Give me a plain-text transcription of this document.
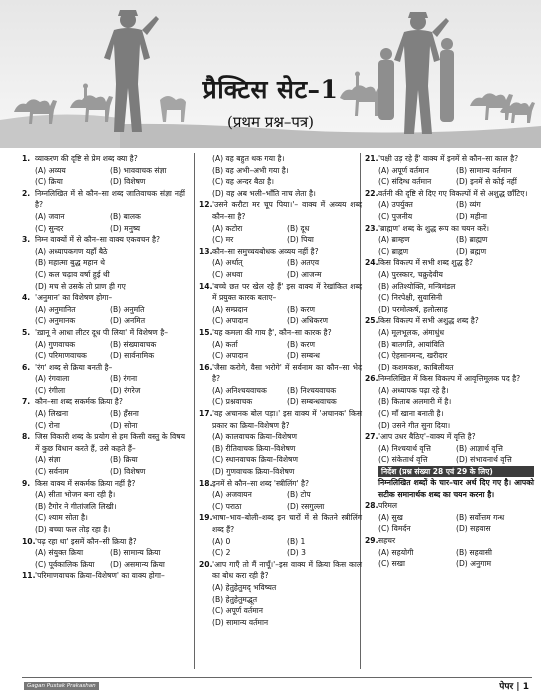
प्रैक्टिस सेट–1
(प्रथम प्रश्न–पत्र)
1. व्याकरण की दृष्टि से प्रेम शब्द क्या है?
(A) अव्यय	(B) भाववाचक संज्ञा
(C) क्रिया	(D) विशेषण
2. निम्नलिखित में से कौन–सा शब्द जातिवाचक संज्ञा नहीं है?
(A) जवान	(B) बालक
(C) सुन्दर	(D) मनुष्य
3. निम्न वाक्यों में से कौन–सा वाक्य एकवचन है?
(A) अध्यापकगण यहाँ बैठे
(B) महात्मा बुद्ध महान थे
(C) कल चढ़ाव वर्षा हुई थी
(D) मच से उसके तो प्राण ही गए
4. 'अनुमान' का विशेषण होगा–
(A) अनुमानित	(B) अनुमति
(C) अनुमानक	(D) अनमित
5. 'ख़ानू ने आधा लीटर दूध पी लिया' में विशेषण है–
(A) गुणवाचक	(B) संख्यावाचक
(C) परिमाणवाचक	(D) सार्वनामिक
6. 'रंग' शब्द से क्रिया बनती है–
(A) रंगवाला	(B) रंगना
(C) रंगीला	(D) रंगरेज
7. कौन–सा शब्द सकर्मक क्रिया है?
(A) लिखना	(B) हँसना
(C) रोना	(D) सोना
8. जिस विकारी शब्द के प्रयोग से हम किसी वस्तु के विषय में कुछ विधान करते हैं, उसे कहते हैं–
(A) संज्ञा	(B) क्रिया
(C) सर्वनाम	(D) विशेषण
9. किस वाक्य में सकर्मक क्रिया नहीं है?
(A) सीता भोजन बना रही है।
(B) टैगोर ने गीतांजलि लिखी।
(C) श्याम सोता है।
(D) बच्चा फल तोड़ रहा है।
10. 'पढ़ रहा था' इसमें कौन–सी क्रिया है?
(A) संयुक्त क्रिया	(B) सामान्य क्रिया
(C) पूर्वकालिक क्रिया	(D) असमान्य क्रिया
11. 'परिमाणवाचक क्रिया–विशेषण' का वाक्य होगा–
(A) वह बहुत थक गया है।
(B) वह अभी–अभी गया है।
(C) वह अन्दर बैठा है।
(D) वह अब भली–भाँति नाच लेता है।
12. 'उसने करौटा मर चूप पिया।'– वाक्य में अव्यय शब्द कौन–सा है?
(A) कटोरा	(B) दूध
(C) मर	(D) पिया
13. कौन–सा समुच्चयबोधक अव्यय नहीं है?
(A) अर्थात्	(B) अतएव
(C) अथवा	(D) आजन्म
14. 'बच्चे छत पर खेल रहे हैं' इस वाक्य में रेखांकित शब्द में प्रयुक्त कारक बताए–
(A) सम्प्रदान	(B) करण
(C) अपादान	(D) अधिकरण
15. 'यह कमला की गाय है', कौन–सा कारक है?
(A) कर्ता	(B) करण
(C) अपादान	(D) सम्बन्ध
16. 'जैसा करोगे, वैसा भरोगे' में सर्वनाम का कौन–सा भेद है?
(A) अनिश्चयवाचक	(B) निश्चयवाचक
(C) प्रश्नवाचक	(D) सम्बन्धवाचक
17. 'वह अचानक बोल पड़ा।' इस वाक्य में 'अचानक' किस प्रकार का क्रिया–विशेषण है?
(A) कालवाचक क्रिया–विशेषण
(B) रीतिवाचक क्रिया–विशेषण
(C) स्थानवाचक क्रिया–विशेषण
(D) गुणवाचक क्रिया–विशेषण
18. इनमें से कौन–सा शब्द 'स्त्रीलिंग' है?
(A) अजवायन	(B) टोप
(C) पराठा	(D) रसगुल्ला
19. भाषा–भाव–बोली–शब्द इन चारों में से कितने स्त्रीलिंग शब्द हैं?
(A) 0	(B) 1
(C) 2	(D) 3
20. 'आप गाएँ तो मैं नाचूँ।'–इस वाक्य में क्रिया किस काल का बोध करा रही है?
(A) हेतुहेतुमद् भविष्यत
(B) हेतुहेतुमद्भूत
(C) अपूर्ण वर्तमान
(D) सामान्य वर्तमान
21. 'पक्षी उड़ रहे हैं' वाक्य में इनमें से कौन–सा काल है?
(A) अपूर्ण वर्तमान	(B) सामान्य वर्तमान
(C) संदिग्ध वर्तमान	(D) इनमें से कोई नहीं
22. वर्तनी की दृष्टि से दिए गए विकल्पों में से अशुद्ध छाँटिए।
(A) उपर्युक्त	(B) व्यंग
(C) पुजनीय	(D) महीना
23. 'ब्राह्मण' शब्द के शुद्ध रूप का चयन करें।
(A) ब्राम्हण	(B) ब्राह्मण
(C) ब्राह्नण	(D) ब्रह्मण
24. किस विकल्प में सभी शब्द शुद्ध है?
(A) पुरस्कार, चक्रुदेवीय
(B) अतिश्योक्ति, मन्त्रिमंडल
(C) निरपेक्षी, सुवासिनी
(D) परमोत्कर्ष, हलोत्साह
25. किस विकल्प में सभी अशुद्ध शब्द है?
(A) मूलभूलक, अंमाधुंध
(B) बातगति, आयांविति
(C) ऐहसानमन्द, खरीदार
(D) कशमकश, काबिलीयत
26. निम्नलिखित में किस विकल्प में आवृत्तिमूलक पद है?
(A) अध्यापक पढ़ा रहे है।
(B) किताब अलमारी में है।
(C) माँ खाना बनाती है।
(D) उसने गीत सुना दिया।
27. 'आप उधर बैठिए'–वाक्य में वृत्ति है?
(A) निश्चयार्थ वृत्ति	(B) आज्ञार्थ वृत्ति
(C) संकेतार्थ वृत्ति	(D) संभावनार्थ वृत्ति
निर्देश (प्रश्न संख्या 28 एवं 29 के लिए)
निम्नलिखित शब्दों के चार–चार अर्थ दिए गए है। आपको सटीक समानार्थक शब्द का चयन करना है।
28. परिमल
(A) सुख	(B) सर्वोत्तम गन्ध
(C) विमर्दन	(D) सहवास
29. सहचर
(A) सहयोगी	(B) सहवासी
(C) सखा	(D) अनुगाम
Gagan Pustak Prakashan	पेपर | 1
